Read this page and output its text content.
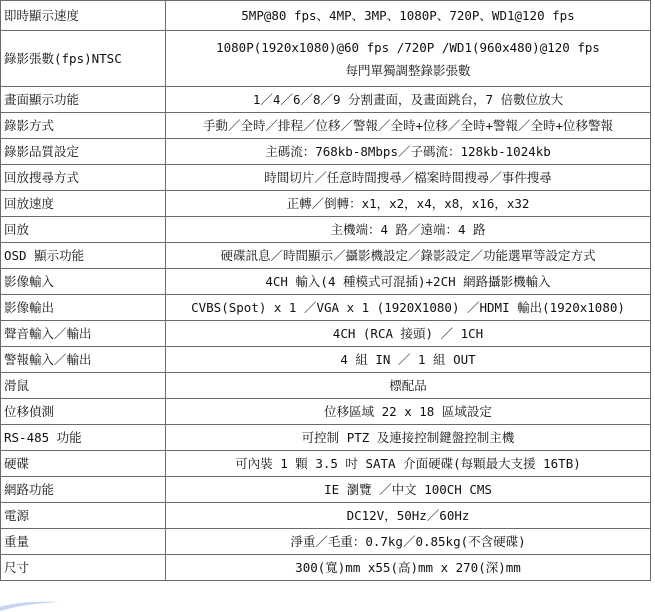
即時顯示速度	5MP@80 fps、4MP、3MP、1080P、720P、WD1@120 fps

錄影張數(fps)NTSC	1080P(1920x1080)@60 fps /720P /WD1(960x480)@120 fps
每門單獨調整錄影張數

畫面顯示功能	1／4／6／8／9 分割畫面，及畫面跳台，7 倍數位放大

錄影方式	手動／全時／排程／位移／警報／全時+位移／全時+警報／全時+位移警報

錄影品質設定	主碼流：768kb-8Mbps／子碼流：128kb-1024kb

回放搜尋方式	時間切片／任意時間搜尋／檔案時間搜尋／事件搜尋

回放速度	正轉／倒轉：x1，x2，x4，x8，x16，x32

回放	主機端：4 路／遠端：4 路

OSD 顯示功能	硬碟訊息／時間顯示／攝影機設定／錄影設定／功能選單等設定方式

影像輸入	4CH 輸入(4 種模式可混插)+2CH 網路攝影機輸入

影像輸出	CVBS(Spot) x 1 ／VGA x 1 (1920X1080) ／HDMI 輸出(1920x1080)

聲音輸入／輸出	4CH (RCA 接頭) ／ 1CH

警報輸入／輸出	4 組 IN ／ 1 組 OUT

滑鼠	標配品

位移偵測	位移區域 22 x 18 區域設定

RS-485 功能	可控制 PTZ 及連接控制鍵盤控制主機

硬碟	可內裝 1 顆 3.5 吋 SATA 介面硬碟(每顆最大支援 16TB)

網路功能	IE 瀏覽 ／中文 100CH CMS

電源	DC12V，50Hz／60Hz

重量	淨重／毛重：0.7kg／0.85kg(不含硬碟)

尺寸	300(寬)mm x55(高)mm x 270(深)mm
